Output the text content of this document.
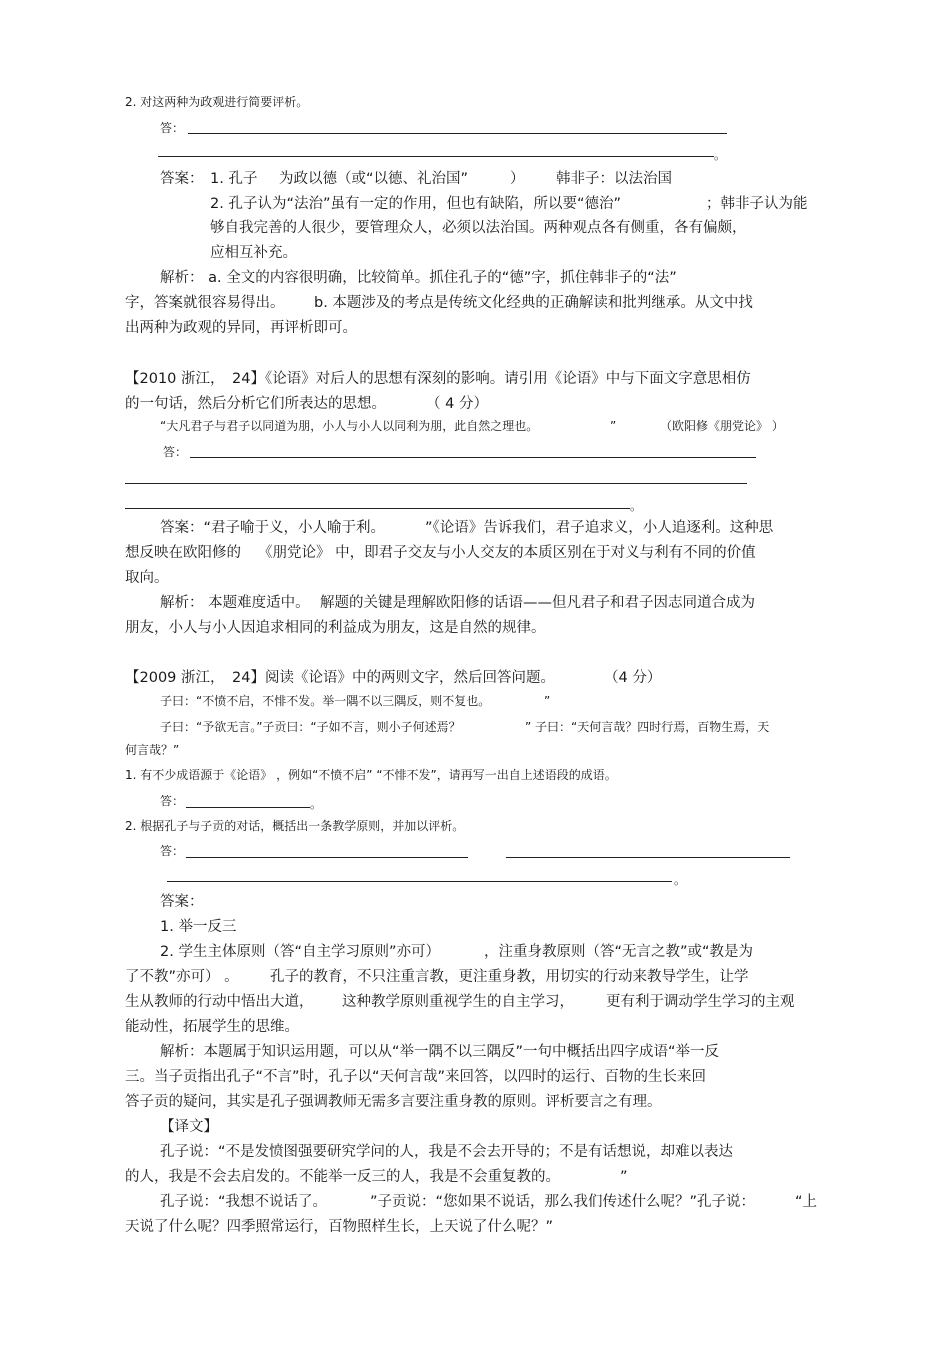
2. 对这两种为政观进行简要评析。
答：
。
答案： 1. 孔子 为政以德（或“以德、礼治国”	） 韩非子：以法治国
2. 孔子认为“法治”虽有一定的作用，但也有缺陷，所以要“德治”	；韩非子认为能
够自我完善的人很少，要管理众人，必须以法治国。两种观点各有侧重，各有偏颇，
应相互补充。
解析： a. 全文的内容很明确，比较简单。抓住孔子的“德”字，抓住韩非子的“法”
字，答案就很容易得出。 b. 本题涉及的考点是传统文化经典的正确解读和批判继承。从文中找
出两种为政观的异同，再评析即可。
【2010 浙江， 24】《论语》对后人的思想有深刻的影响。请引用《论语》中与下面文字意思相仿
的一句话，然后分析它们所表达的思想。	（ 4 分）
“大凡君子与君子以同道为朋，小人与小人以同利为朋，此自然之理也。	”	（欧阳修《朋党论》 ）
答：
。
答案：“君子喻于义，小人喻于利。	”《论语》告诉我们，君子追求义，小人追逐利。这种思
想反映在欧阳修的 《朋党论》 中，即君子交友与小人交友的本质区别在于对义与利有不同的价值
取向。
解析： 本题难度适中。 解题的关键是理解欧阳修的话语——但凡君子和君子因志同道合成为
朋友，小人与小人因追求相同的利益成为朋友，这是自然的规律。
【2009 浙江， 24】阅读《论语》中的两则文字，然后回答问题。	（4 分）
子曰：“不愤不启，不悱不发。举一隅不以三隅反，则不复也。	”
子曰：“予欲无言。”子贡曰：“子如不言，则小子何述焉？	” 子曰：“天何言哉？四时行焉，百物生焉，天
何言哉？”
1. 有不少成语源于《论语》 ，例如“不愤不启” “不悱不发”，请再写一出自上述语段的成语。
答：	。
2. 根据孔子与子贡的对话，概括出一条教学原则，并加以评析。
答：
。
答案：
1. 举一反三
2. 学生主体原则（答“自主学习原则”亦可）	，注重身教原则（答“无言之教”或“教是为
了不教”亦可） 。 孔子的教育，不只注重言教，更注重身教，用切实的行动来教导学生，让学
生从教师的行动中悟出大道， 这种教学原则重视学生的自主学习， 更有利于调动学生学习的主观
能动性，拓展学生的思维。
解析：本题属于知识运用题，可以从“举一隅不以三隅反”一句中概括出四字成语“举一反
三。当子贡指出孔子“不言”时，孔子以“天何言哉”来回答，以四时的运行、百物的生长来回
答子贡的疑问，其实是孔子强调教师无需多言要注重身教的原则。评析要言之有理。
【译文】
孔子说：“不是发愤图强要研究学问的人，我是不会去开导的；不是有话想说，却难以表达
的人，我是不会去启发的。不能举一反三的人，我是不会重复教的。	”
孔子说：“我想不说话了。	”子贡说：“您如果不说话，那么我们传述什么呢？”孔子说：	“上
天说了什么呢？四季照常运行，百物照样生长，上天说了什么呢？”
